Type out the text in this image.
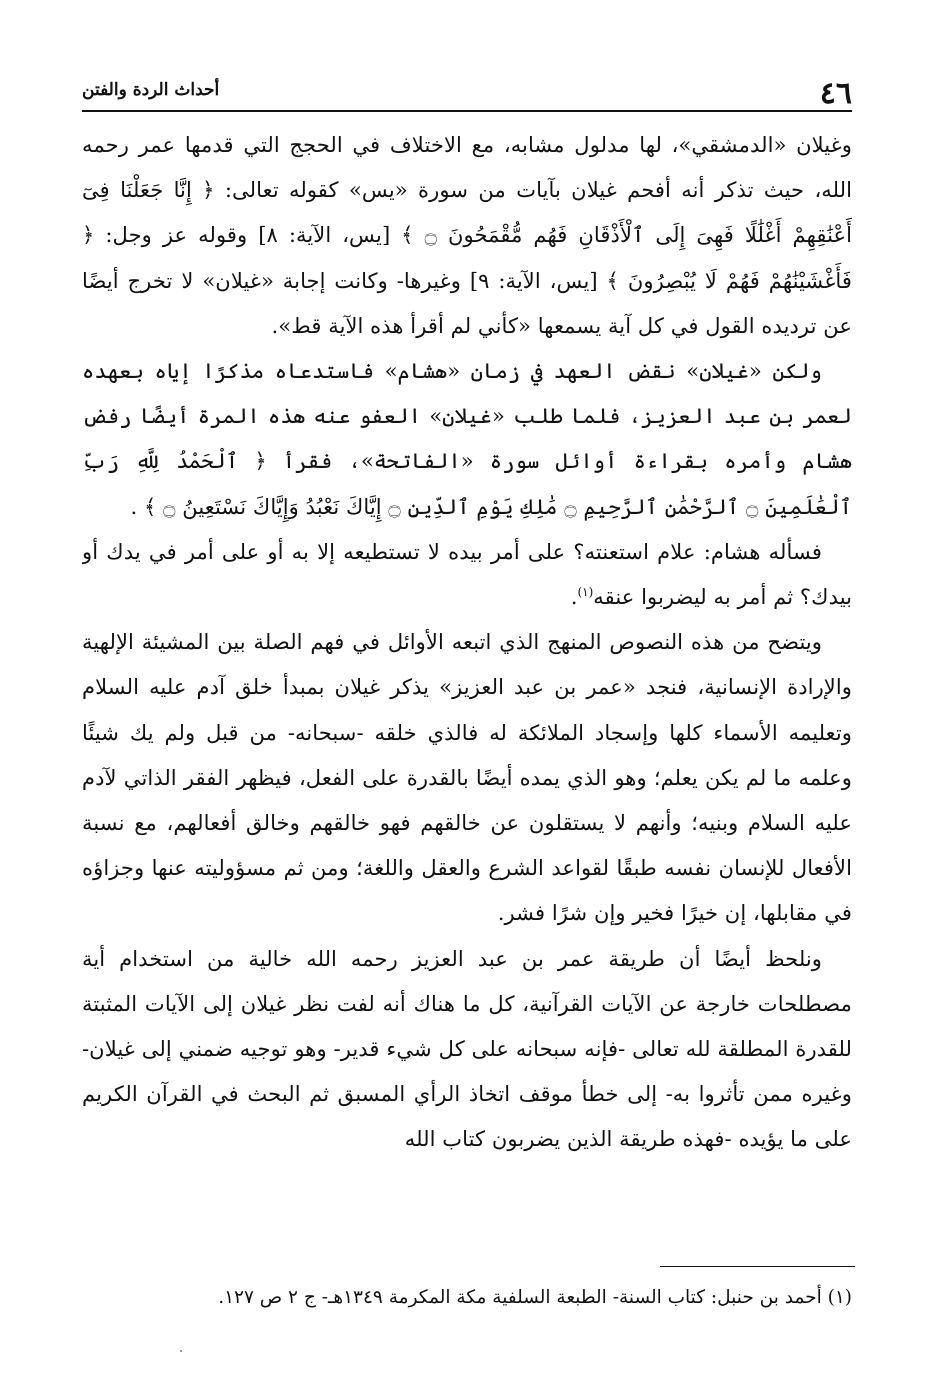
٤٦
أحداث الردة والفتن

وغيلان «الدمشقي»، لها مدلول مشابه، مع الاختلاف في الحجج التي قدمها عمر رحمه الله، حيث تذكر أنه أفحم غيلان بآيات من سورة «يس» كقوله تعالى: ﴿ إِنَّا جَعَلْنَا فِىٓ أَعْنَٰقِهِمْ أَغْلَٰلًا فَهِىَ إِلَى ٱلْأَذْقَانِ فَهُم مُّقْمَحُونَ ۝ ﴾ [يس، الآية: ٨] وقوله عز وجل: ﴿ فَأَغْشَيْنَٰهُمْ فَهُمْ لَا يُبْصِرُونَ ﴾ [يس، الآية: ٩] وغيرها- وكانت إجابة «غيلان» لا تخرج أيضًا عن ترديده القول في كل آية يسمعها «كأني لم أقرأ هذه الآية قط».

ولكن «غيلان» نقض العهد في زمان «هشام» فاستدعاه مذكرًا إياه بعهده لعمر بن عبد العزيز، فلما طلب «غيلان» العفو عنه هذه المرة أيضًا رفض هشام وأمره بقراءة أوائل سورة «الفاتحة»، فقرأ ﴿ ٱلْحَمْدُ لِلَّهِ رَبِّ ٱلْعَٰلَمِينَ ۝ ٱلرَّحْمَٰنِ ٱلرَّحِيمِ ۝ مَٰلِكِ يَوْمِ ٱلدِّينِ ۝ إِيَّاكَ نَعْبُدُ وَإِيَّاكَ نَسْتَعِينُ ۝ ﴾ .

فسأله هشام: علام استعنته؟ على أمر بيده لا تستطيعه إلا به أو على أمر في يدك أو بيدك؟ ثم أمر به ليضربوا عنقه$^{(١)}$.

ويتضح من هذه النصوص المنهج الذي اتبعه الأوائل في فهم الصلة بين المشيئة الإلهية والإرادة الإنسانية، فنجد «عمر بن عبد العزيز» يذكر غيلان بمبدأ خلق آدم عليه السلام وتعليمه الأسماء كلها وإسجاد الملائكة له فالذي خلقه -سبحانه- من قبل ولم يك شيئًا وعلمه ما لم يكن يعلم؛ وهو الذي يمده أيضًا بالقدرة على الفعل، فيظهر الفقر الذاتي لآدم عليه السلام وبنيه؛ وأنهم لا يستقلون عن خالقهم فهو خالقهم وخالق أفعالهم، مع نسبة الأفعال للإنسان نفسه طبقًا لقواعد الشرع والعقل واللغة؛ ومن ثم مسؤوليته عنها وجزاؤه في مقابلها، إن خيرًا فخير وإن شرًا فشر.

ونلحظ أيضًا أن طريقة عمر بن عبد العزيز رحمه الله خالية من استخدام أية مصطلحات خارجة عن الآيات القرآنية، كل ما هناك أنه لفت نظر غيلان إلى الآيات المثبتة للقدرة المطلقة لله تعالى -فإنه سبحانه على كل شيء قدير- وهو توجيه ضمني إلى غيلان- وغيره ممن تأثروا به- إلى خطأ موقف اتخاذ الرأي المسبق ثم البحث في القرآن الكريم على ما يؤيده -فهذه طريقة الذين يضربون كتاب الله

(١) أحمد بن حنبل: كتاب السنة- الطبعة السلفية مكة المكرمة ١٣٤٩هـ- ج ٢ ص ١٢٧.
